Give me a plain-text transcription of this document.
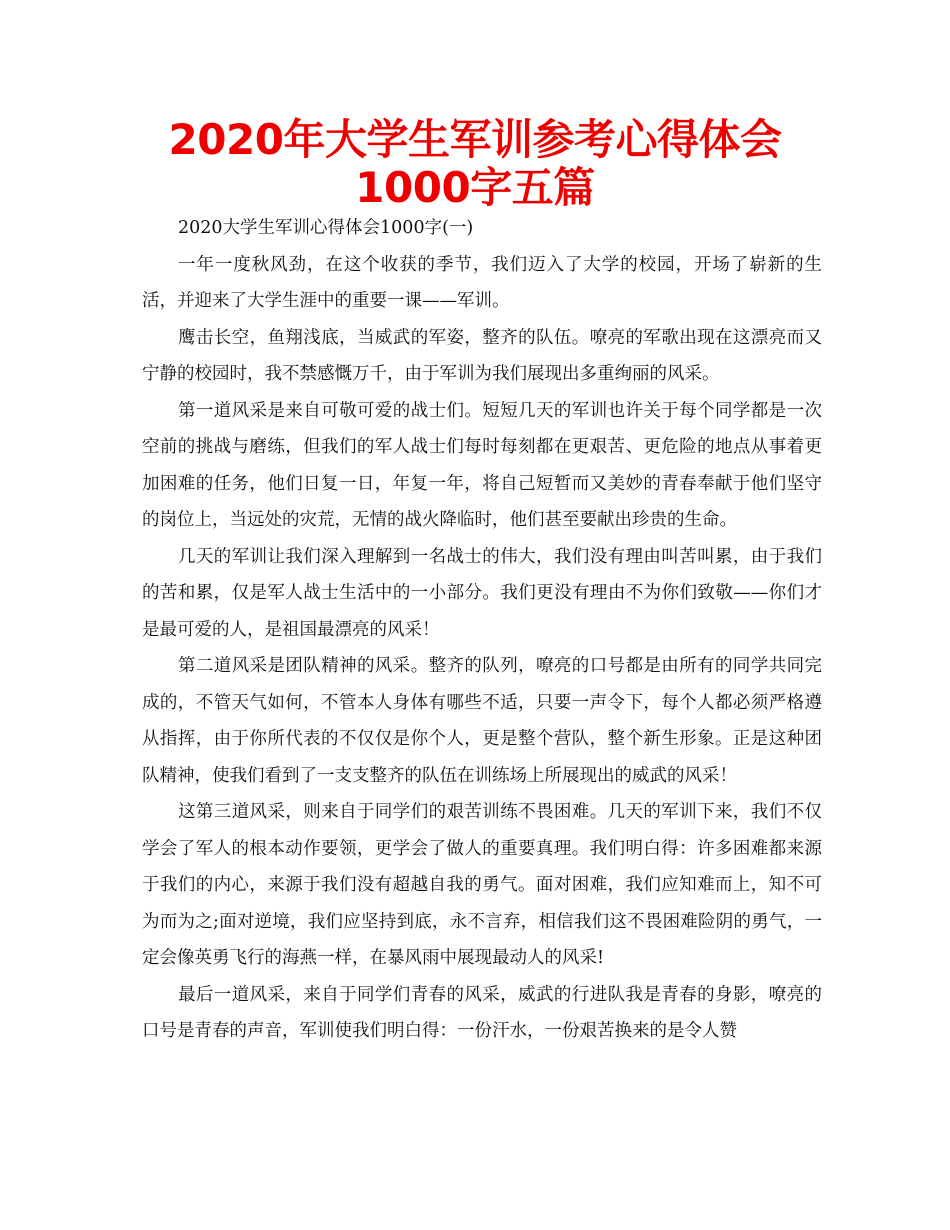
2020年大学生军训参考心得体会1000字五篇

2020大学生军训心得体会1000字(一)

一年一度秋风劲，在这个收获的季节，我们迈入了大学的校园，开场了崭新的生活，并迎来了大学生涯中的重要一课——军训。

鹰击长空，鱼翔浅底，当威武的军姿，整齐的队伍。嘹亮的军歌出现在这漂亮而又宁静的校园时，我不禁感慨万千，由于军训为我们展现出多重绚丽的风采。

第一道风采是来自可敬可爱的战士们。短短几天的军训也许关于每个同学都是一次空前的挑战与磨练，但我们的军人战士们每时每刻都在更艰苦、更危险的地点从事着更加困难的任务，他们日复一日，年复一年，将自己短暂而又美妙的青春奉献于他们坚守的岗位上，当远处的灾荒，无情的战火降临时，他们甚至要献出珍贵的生命。

几天的军训让我们深入理解到一名战士的伟大，我们没有理由叫苦叫累，由于我们的苦和累，仅是军人战士生活中的一小部分。我们更没有理由不为你们致敬——你们才是最可爱的人，是祖国最漂亮的风采！

第二道风采是团队精神的风采。整齐的队列，嘹亮的口号都是由所有的同学共同完成的，不管天气如何，不管本人身体有哪些不适，只要一声令下，每个人都必须严格遵从指挥，由于你所代表的不仅仅是你个人，更是整个营队，整个新生形象。正是这种团队精神，使我们看到了一支支整齐的队伍在训练场上所展现出的威武的风采！

这第三道风采，则来自于同学们的艰苦训练不畏困难。几天的军训下来，我们不仅学会了军人的根本动作要领，更学会了做人的重要真理。我们明白得：许多困难都来源于我们的内心，来源于我们没有超越自我的勇气。面对困难，我们应知难而上，知不可为而为之;面对逆境，我们应坚持到底，永不言弃，相信我们这不畏困难险阴的勇气，一定会像英勇飞行的海燕一样，在暴风雨中展现最动人的风采!

最后一道风采，来自于同学们青春的风采，威武的行进队我是青春的身影，嘹亮的口号是青春的声音，军训使我们明白得：一份汗水，一份艰苦换来的是令人赞
